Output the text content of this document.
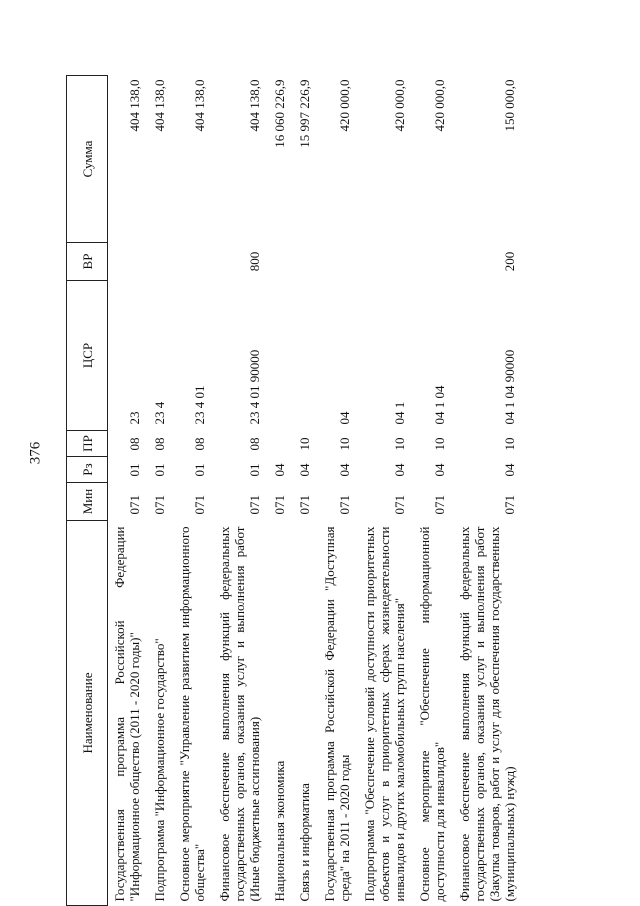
376
Наименование	Мин	Рз	ПР	ЦСР	ВР	Сумма
Государственная программа Российской Федерации "Информационное общество (2011 - 2020 годы)"	071	01	08	23		404 138,0
Подпрограмма "Информационное государство"	071	01	08	23 4		404 138,0
Основное мероприятие "Управление развитием информационного общества"	071	01	08	23 4 01		404 138,0
Финансовое обеспечение выполнения функций федеральных государственных органов, оказания услуг и выполнения работ (Иные бюджетные ассигнования)	071	01	08	23 4 01 90000	800	404 138,0
Национальная экономика	071	04				16 060 226,9
Связь и информатика	071	04	10			15 997 226,9
Государственная программа Российской Федерации "Доступная среда" на 2011 - 2020 годы	071	04	10	04		420 000,0
Подпрограмма "Обеспечение условий доступности приоритетных объектов и услуг в приоритетных сферах жизнедеятельности инвалидов и других маломобильных групп населения"	071	04	10	04 1		420 000,0
Основное мероприятие "Обеспечение информационной доступности для инвалидов"	071	04	10	04 1 04		420 000,0
Финансовое обеспечение выполнения функций федеральных государственных органов, оказания услуг и выполнения работ (Закупка товаров, работ и услуг для обеспечения государственных (муниципальных) нужд)	071	04	10	04 1 04 90000	200	150 000,0
